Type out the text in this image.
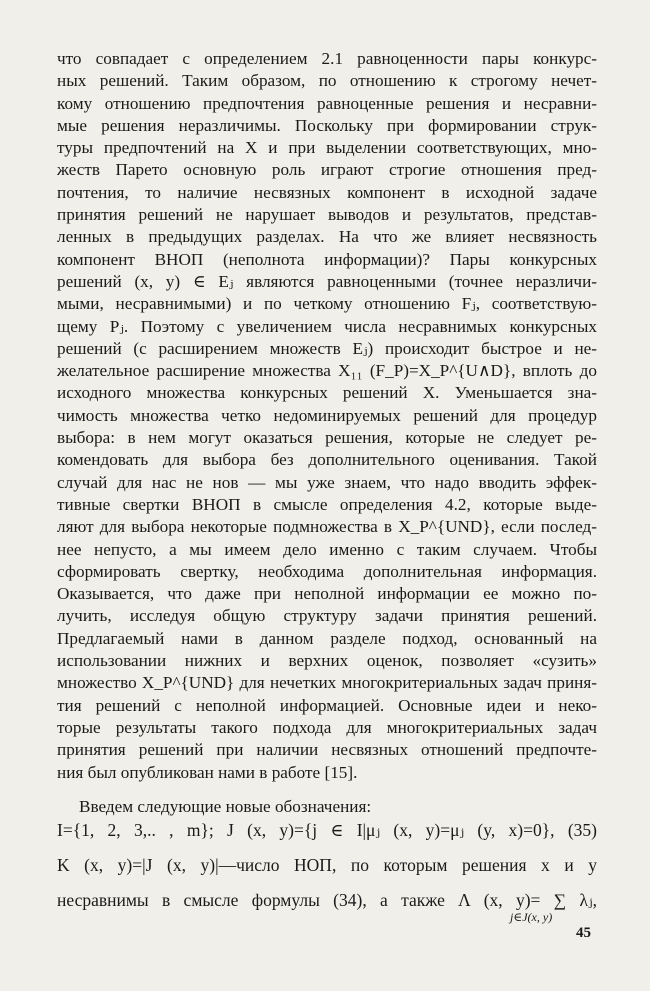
что совпадает с определением 2.1 равноценности пары конкурс-
ных решений. Таким образом, по отношению к строгому нечет-
кому отношению предпочтения равноценные решения и несравни-
мые решения неразличимы. Поскольку при формировании струк-
туры предпочтений на X и при выделении соответствующих, мно-
жеств Парето основную роль играют строгие отношения пред-
почтения, то наличие несвязных компонент в исходной задаче
принятия решений не нарушает выводов и результатов, представ-
ленных в предыдущих разделах. На что же влияет несвязность
компонент ВНОП (неполнота информации)? Пары конкурсных
решений (x, y) ∈ Eⱼ являются равноценными (точнее неразличи-
мыми, несравнимыми) и по четкому отношению Fⱼ, соответствую-
щему Pⱼ. Поэтому с увеличением числа несравнимых конкурсных
решений (с расширением множеств Eⱼ) происходит быстрое и не-
желательное расширение множества X₁₁ (F_P)=X_P^{U∧D}, вплоть до
исходного множества конкурсных решений X. Уменьшается зна-
чимость множества четко недоминируемых решений для процедур
выбора: в нем могут оказаться решения, которые не следует ре-
комендовать для выбора без дополнительного оценивания. Такой
случай для нас не нов — мы уже знаем, что надо вводить эффек-
тивные свертки ВНОП в смысле определения 4.2, которые выде-
ляют для выбора некоторые подмножества в X_P^{UND}, если послед-
нее непусто, а мы имеем дело именно с таким случаем. Чтобы
сформировать свертку, необходима дополнительная информация.
Оказывается, что даже при неполной информации ее можно по-
лучить, исследуя общую структуру задачи принятия решений.
Предлагаемый нами в данном разделе подход, основанный на
использовании нижних и верхних оценок, позволяет «сузить»
множество X_P^{UND} для нечетких многокритериальных задач приня-
тия решений с неполной информацией. Основные идеи и неко-
торые результаты такого подхода для многокритериальных задач
принятия решений при наличии несвязных отношений предпочте-
ния был опубликован нами в работе [15].
Введем следующие новые обозначения:
I={1, 2, 3,.. , m}; J (x, y)={j ∈ I|μⱼ (x, y)=μⱼ (y, x)=0}, (35)
K (x, y)=|J (x, y)|—число НОП, по которым решения x и y
несравнимы в смысле формулы (34), а также Λ (x, y)= ∑ λⱼ,
j∈J(x, y)
45
